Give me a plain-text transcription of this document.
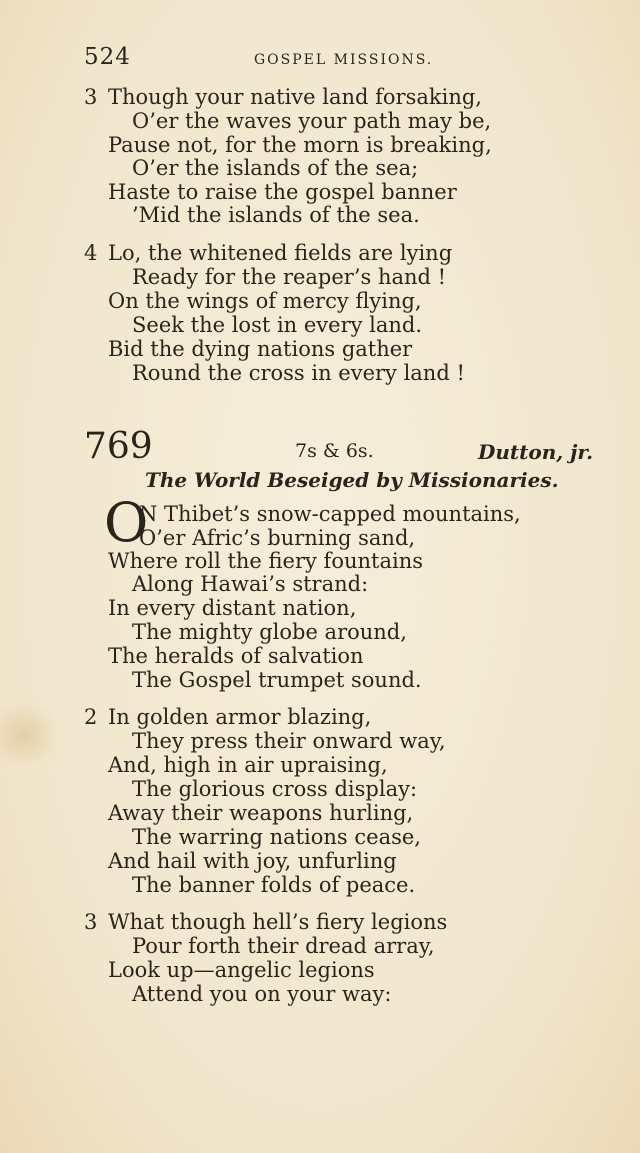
524	GOSPEL MISSIONS.
3 Though your native land forsaking,
O’er the waves your path may be,
Pause not, for the morn is breaking,
O’er the islands of the sea;
Haste to raise the gospel banner
’Mid the islands of the sea.
4 Lo, the whitened fields are lying
Ready for the reaper’s hand !
On the wings of mercy flying,
Seek the lost in every land.
Bid the dying nations gather
Round the cross in every land !
769	7s & 6s.	Dutton, jr.
The World Beseiged by Missionaries.
O
N Thibet’s snow-capped mountains,
O’er Afric’s burning sand,
Where roll the fiery fountains
Along Hawai’s strand:
In every distant nation,
The mighty globe around,
The heralds of salvation
The Gospel trumpet sound.
2 In golden armor blazing,
They press their onward way,
And, high in air upraising,
The glorious cross display:
Away their weapons hurling,
The warring nations cease,
And hail with joy, unfurling
The banner folds of peace.
3 What though hell’s fiery legions
Pour forth their dread array,
Look up—angelic legions
Attend you on your way:
